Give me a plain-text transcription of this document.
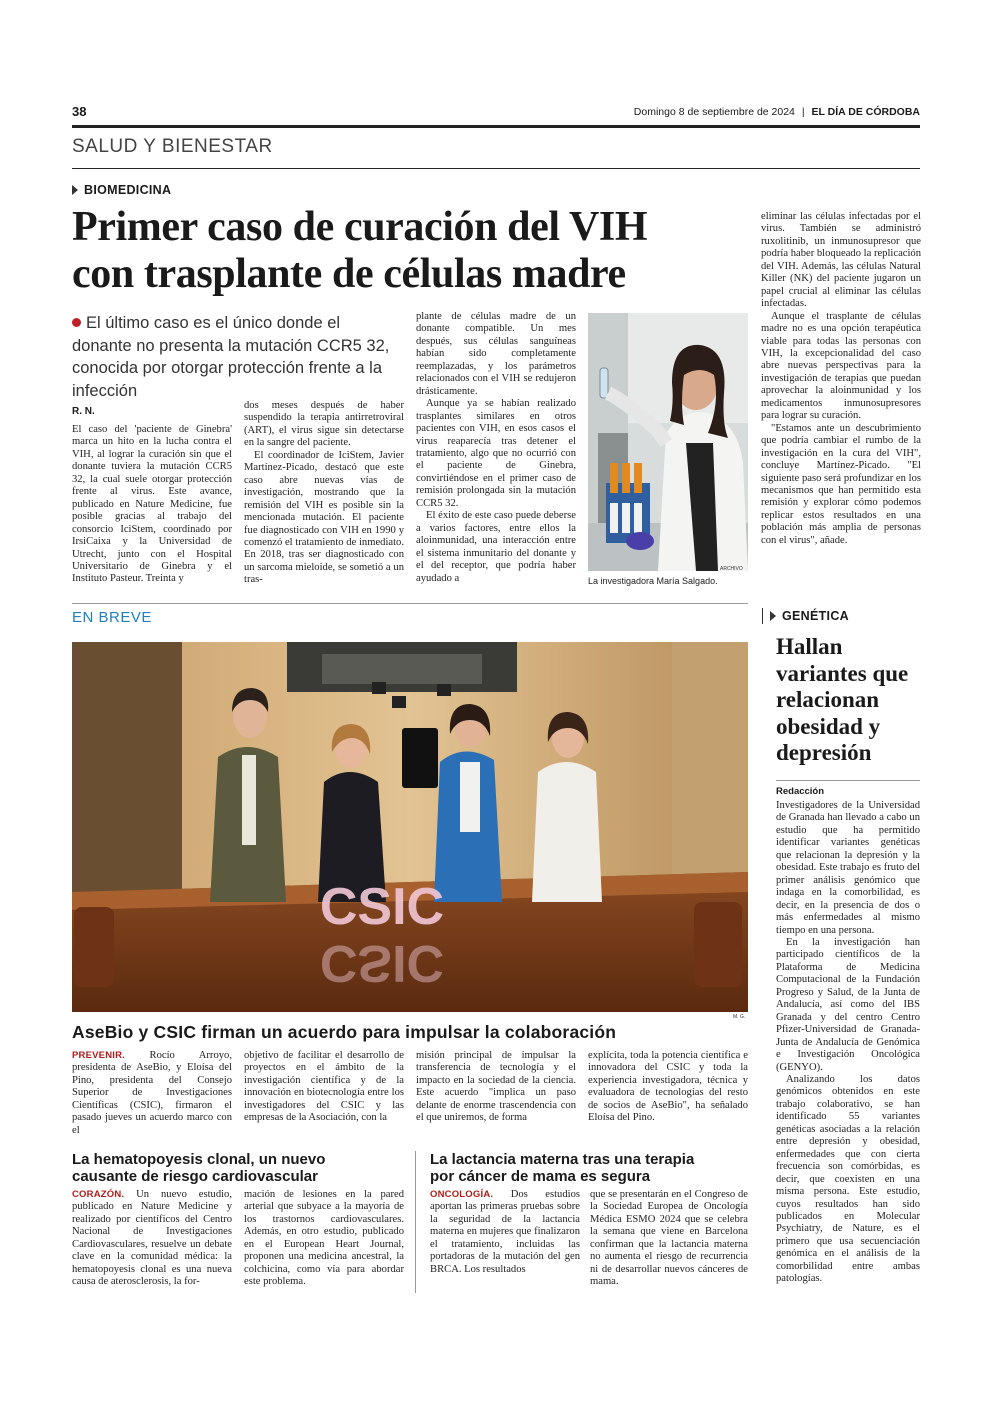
38	Domingo 8 de septiembre de 2024 | EL DÍA DE CÓRDOBA
SALUD Y BIENESTAR
BIOMEDICINA
Primer caso de curación del VIH
con trasplante de células madre
El último caso es el único donde el donante no presenta la mutación CCR5 32, conocida por otorgar protección frente a la infección
R. N.

El caso del 'paciente de Ginebra' marca un hito en la lucha contra el VIH, al lograr la curación sin que el donante tuviera la mutación CCR5 32, la cual suele otorgar protección frente al virus. Este avance, publicado en Nature Medicine, fue posible gracias al trabajo del consorcio IciStem, coordinado por IrsiCaixa y la Universidad de Utrecht, junto con el Hospital Universitario de Ginebra y el Instituto Pasteur. Treinta y

dos meses después de haber suspendido la terapia antirretroviral (ART), el virus sigue sin detectarse en la sangre del paciente.

El coordinador de IciStem, Javier Martínez-Picado, destacó que este caso abre nuevas vías de investigación, mostrando que la remisión del VIH es posible sin la mencionada mutación. El paciente fue diagnosticado con VIH en 1990 y comenzó el tratamiento de inmediato. En 2018, tras ser diagnosticado con un sarcoma mieloide, se sometió a un tras-

plante de células madre de un donante compatible. Un mes después, sus células sanguíneas habían sido completamente reemplazadas, y los parámetros relacionados con el VIH se redujeron drásticamente.

Aunque ya se habían realizado trasplantes similares en otros pacientes con VIH, en esos casos el virus reaparecía tras detener el tratamiento, algo que no ocurrió con el paciente de Ginebra, convirtiéndose en el primer caso de remisión prolongada sin la mutación CCR5 32.

El éxito de este caso puede deberse a varios factores, entre ellos la aloinmunidad, una interacción entre el sistema inmunitario del donante y el del receptor, que podría haber ayudado a

ARCHIVO
La investigadora María Salgado.

eliminar las células infectadas por el virus. También se administró ruxolitinib, un inmunosupresor que podría haber bloqueado la replicación del VIH. Además, las células Natural Killer (NK) del paciente jugaron un papel crucial al eliminar las células infectadas.

Aunque el trasplante de células madre no es una opción terapéutica viable para todas las personas con VIH, la excepcionalidad del caso abre nuevas perspectivas para la investigación de terapias que puedan aprovechar la aloinmunidad y los medicamentos inmunosupresores para lograr su curación.

"Estamos ante un descubrimiento que podría cambiar el rumbo de la investigación en la cura del VIH", concluye Martínez-Picado. "El siguiente paso será profundizar en los mecanismos que han permitido esta remisión y explorar cómo podemos replicar estos resultados en una población más amplia de personas con el virus", añade.

EN BREVE
CSIC
CSIC
M. G.
AseBio y CSIC firman un acuerdo para impulsar la colaboración

PREVENIR. Rocío Arroyo, presidenta de AseBio, y Eloísa del Pino, presidenta del Consejo Superior de Investigaciones Científicas (CSIC), firmaron el pasado jueves un acuerdo marco con el

objetivo de facilitar el desarrollo de proyectos en el ámbito de la investigación científica y de la innovación en biotecnología entre los investigadores del CSIC y las empresas de la Asociación, con la

misión principal de impulsar la transferencia de tecnología y el impacto en la sociedad de la ciencia. Este acuerdo "implica un paso delante de enorme trascendencia con el que uniremos, de forma

explícita, toda la potencia científica e innovadora del CSIC y toda la experiencia investigadora, técnica y evaluadora de tecnologías del resto de socios de AseBio", ha señalado Eloísa del Pino.

La hematopoyesis clonal, un nuevo
causante de riesgo cardiovascular

CORAZÓN. Un nuevo estudio, publicado en Nature Medicine y realizado por científicos del Centro Nacional de Investigaciones Cardiovasculares, resuelve un debate clave en la comunidad médica: la hematopoyesis clonal es una nueva causa de aterosclerosis, la for-

mación de lesiones en la pared arterial que subyace a la mayoría de los trastornos cardiovasculares. Además, en otro estudio, publicado en el European Heart Journal, proponen una medicina ancestral, la colchicina, como vía para abordar este problema.

La lactancia materna tras una terapia
por cáncer de mama es segura

ONCOLOGÍA. Dos estudios aportan las primeras pruebas sobre la seguridad de la lactancia materna en mujeres que finalizaron el tratamiento, incluidas las portadoras de la mutación del gen BRCA. Los resultados

que se presentarán en el Congreso de la Sociedad Europea de Oncología Médica ESMO 2024 que se celebra la semana que viene en Barcelona confirman que la lactancia materna no aumenta el riesgo de recurrencia ni de desarrollar nuevos cánceres de mama.

GENÉTICA
Hallan
variantes que
relacionan
obesidad y
depresión
Redacción

Investigadores de la Universidad de Granada han llevado a cabo un estudio que ha permitido identificar variantes genéticas que relacionan la depresión y la obesidad. Este trabajo es fruto del primer análisis genómico que indaga en la comorbilidad, es decir, en la presencia de dos o más enfermedades al mismo tiempo en una persona.

En la investigación han participado científicos de la Plataforma de Medicina Computacional de la Fundación Progreso y Salud, de la Junta de Andalucía, así como del IBS Granada y del centro Centro Pfizer-Universidad de Granada-Junta de Andalucía de Genómica e Investigación Oncológica (GENYO).

Analizando los datos genómicos obtenidos en este trabajo colaborativo, se han identificado 55 variantes genéticas asociadas a la relación entre depresión y obesidad, enfermedades que con cierta frecuencia son comórbidas, es decir, que coexisten en una misma persona. Este estudio, cuyos resultados han sido publicados en Molecular Psychiatry, de Nature, es el primero que usa secuenciación genómica en el análisis de la comorbilidad entre ambas patologías.
